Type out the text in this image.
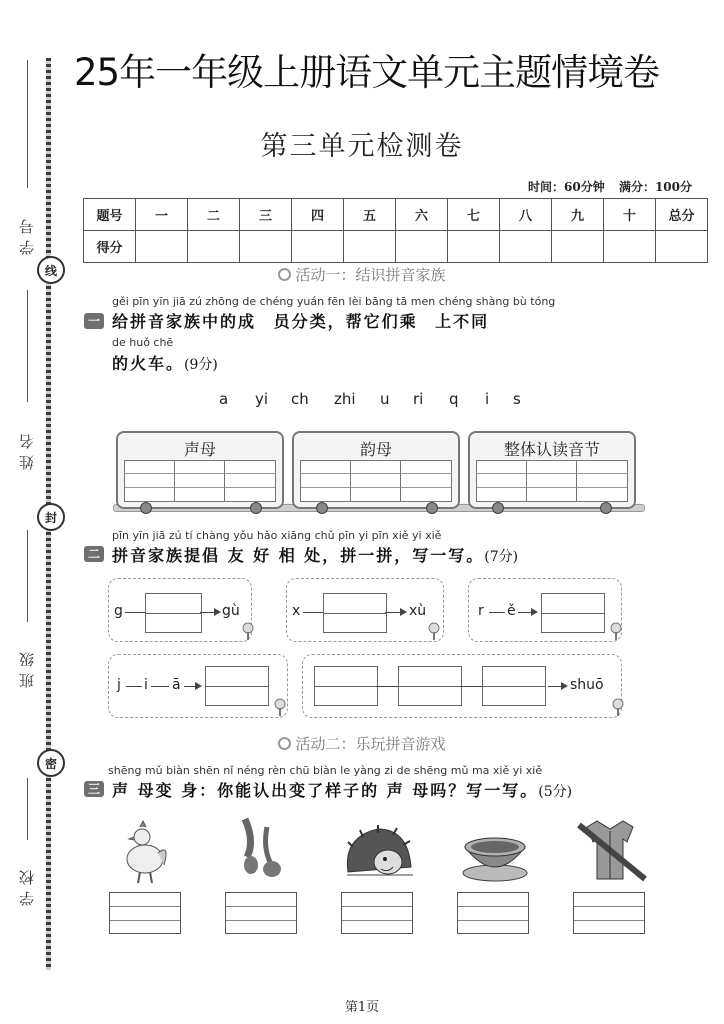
学号
线
姓名
封
班级
密
学校
25年一年级上册语文单元主题情境卷
第三单元检测卷
时间：60分钟 满分：100分
题号	一	二	三	四	五	六	七	八	九	十	总分
得分											
活动一：结识拼音家族
gěi pīn yīn jiā zú zhōng de chéng yuán fēn lèi bāng tā men chéng shàng bù tóng
一 给拼音家族中的成 员分类，帮它们乘 上不同
de huǒ chē
的火车。(9分)
a yi ch zhi u ri q i s
声母	韵母	整体认读音节
pīn yīn jiā zú tí chàng yǒu hǎo xiāng chǔ pīn yi pīn xiě yi xiě
二 拼音家族提倡 友 好 相 处，拼一拼，写一写。(7分)
g	gù	x	xù	r ě
j i ā	shuō
活动二：乐玩拼音游戏
shēng mǔ biàn shēn nǐ néng rèn chū biàn le yàng zi de shēng mǔ ma xiě yi xiě
三 声 母变 身：你能认出变了样子的 声 母吗？写一写。(5分)
第1页
